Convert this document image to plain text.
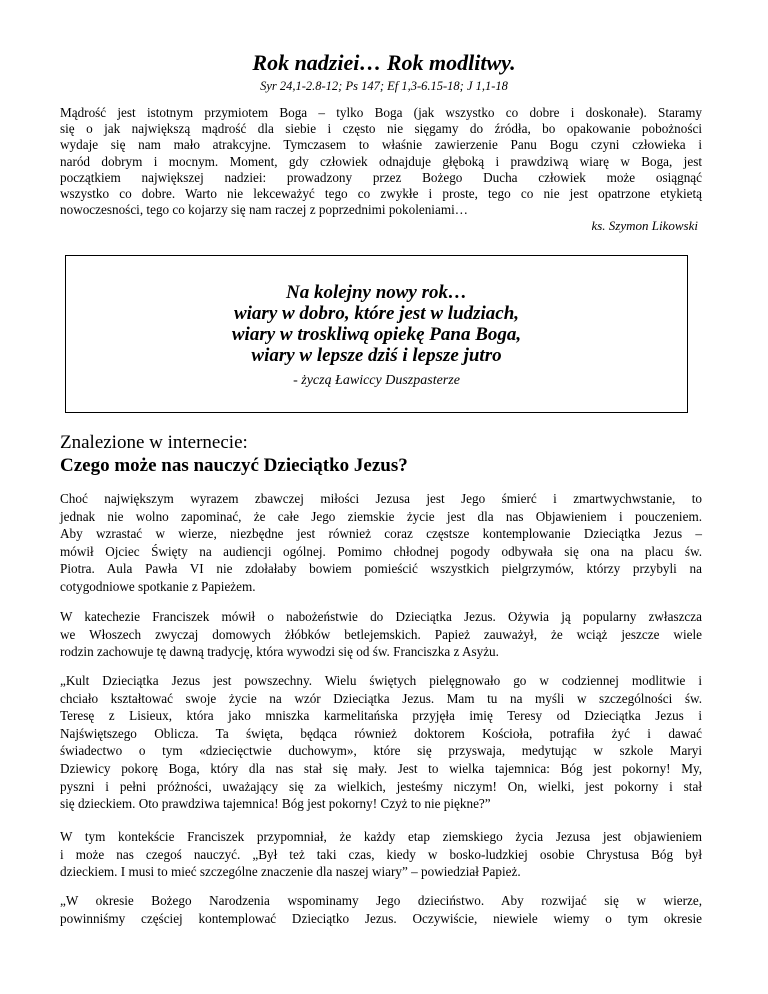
Rok nadziei… Rok modlitwy.
Syr 24,1-2.8-12; Ps 147; Ef 1,3-6.15-18; J 1,1-18
Mądrość jest istotnym przymiotem Boga – tylko Boga (jak wszystko co dobre i doskonałe). Staramy
się o jak największą mądrość dla siebie i często nie sięgamy do źródła, bo opakowanie pobożności
wydaje się nam mało atrakcyjne. Tymczasem to właśnie zawierzenie Panu Bogu czyni człowieka i
naród dobrym i mocnym. Moment, gdy człowiek odnajduje głęboką i prawdziwą wiarę w Boga, jest
początkiem największej nadziei: prowadzony przez Bożego Ducha człowiek może osiągnąć
wszystko co dobre. Warto nie lekceważyć tego co zwykłe i proste, tego co nie jest opatrzone etykietą
nowoczesności, tego co kojarzy się nam raczej z poprzednimi pokoleniami…
ks. Szymon Likowski
Na kolejny nowy rok…
wiary w dobro, które jest w ludziach,
wiary w troskliwą opiekę Pana Boga,
wiary w lepsze dziś i lepsze jutro
- życzą Ławiccy Duszpasterze
Znalezione w internecie:
Czego może nas nauczyć Dzieciątko Jezus?
Choć największym wyrazem zbawczej miłości Jezusa jest Jego śmierć i zmartwychwstanie, to
jednak nie wolno zapominać, że całe Jego ziemskie życie jest dla nas Objawieniem i pouczeniem.
Aby wzrastać w wierze, niezbędne jest również coraz częstsze kontemplowanie Dzieciątka Jezus –
mówił Ojciec Święty na audiencji ogólnej. Pomimo chłodnej pogody odbywała się ona na placu św.
Piotra. Aula Pawła VI nie zdołałaby bowiem pomieścić wszystkich pielgrzymów, którzy przybyli na
cotygodniowe spotkanie z Papieżem.
W katechezie Franciszek mówił o nabożeństwie do Dzieciątka Jezus. Ożywia ją popularny zwłaszcza
we Włoszech zwyczaj domowych żłóbków betlejemskich. Papież zauważył, że wciąż jeszcze wiele
rodzin zachowuje tę dawną tradycję, która wywodzi się od św. Franciszka z Asyżu.
„Kult Dzieciątka Jezus jest powszechny. Wielu świętych pielęgnowało go w codziennej modlitwie i
chciało kształtować swoje życie na wzór Dzieciątka Jezus. Mam tu na myśli w szczególności św.
Teresę z Lisieux, która jako mniszka karmelitańska przyjęła imię Teresy od Dzieciątka Jezus i
Najświętszego Oblicza. Ta święta, będąca również doktorem Kościoła, potrafiła żyć i dawać
świadectwo o tym «dziecięctwie duchowym», które się przyswaja, medytując w szkole Maryi
Dziewicy pokorę Boga, który dla nas stał się mały. Jest to wielka tajemnica: Bóg jest pokorny! My,
pyszni i pełni próżności, uważający się za wielkich, jesteśmy niczym! On, wielki, jest pokorny i stał
się dzieckiem. Oto prawdziwa tajemnica! Bóg jest pokorny! Czyż to nie piękne?”
W tym kontekście Franciszek przypomniał, że każdy etap ziemskiego życia Jezusa jest objawieniem
i może nas czegoś nauczyć. „Był też taki czas, kiedy w bosko-ludzkiej osobie Chrystusa Bóg był
dzieckiem. I musi to mieć szczególne znaczenie dla naszej wiary” – powiedział Papież.
„W okresie Bożego Narodzenia wspominamy Jego dzieciństwo. Aby rozwijać się w wierze,
powinniśmy częściej kontemplować Dzieciątko Jezus. Oczywiście, niewiele wiemy o tym okresie
